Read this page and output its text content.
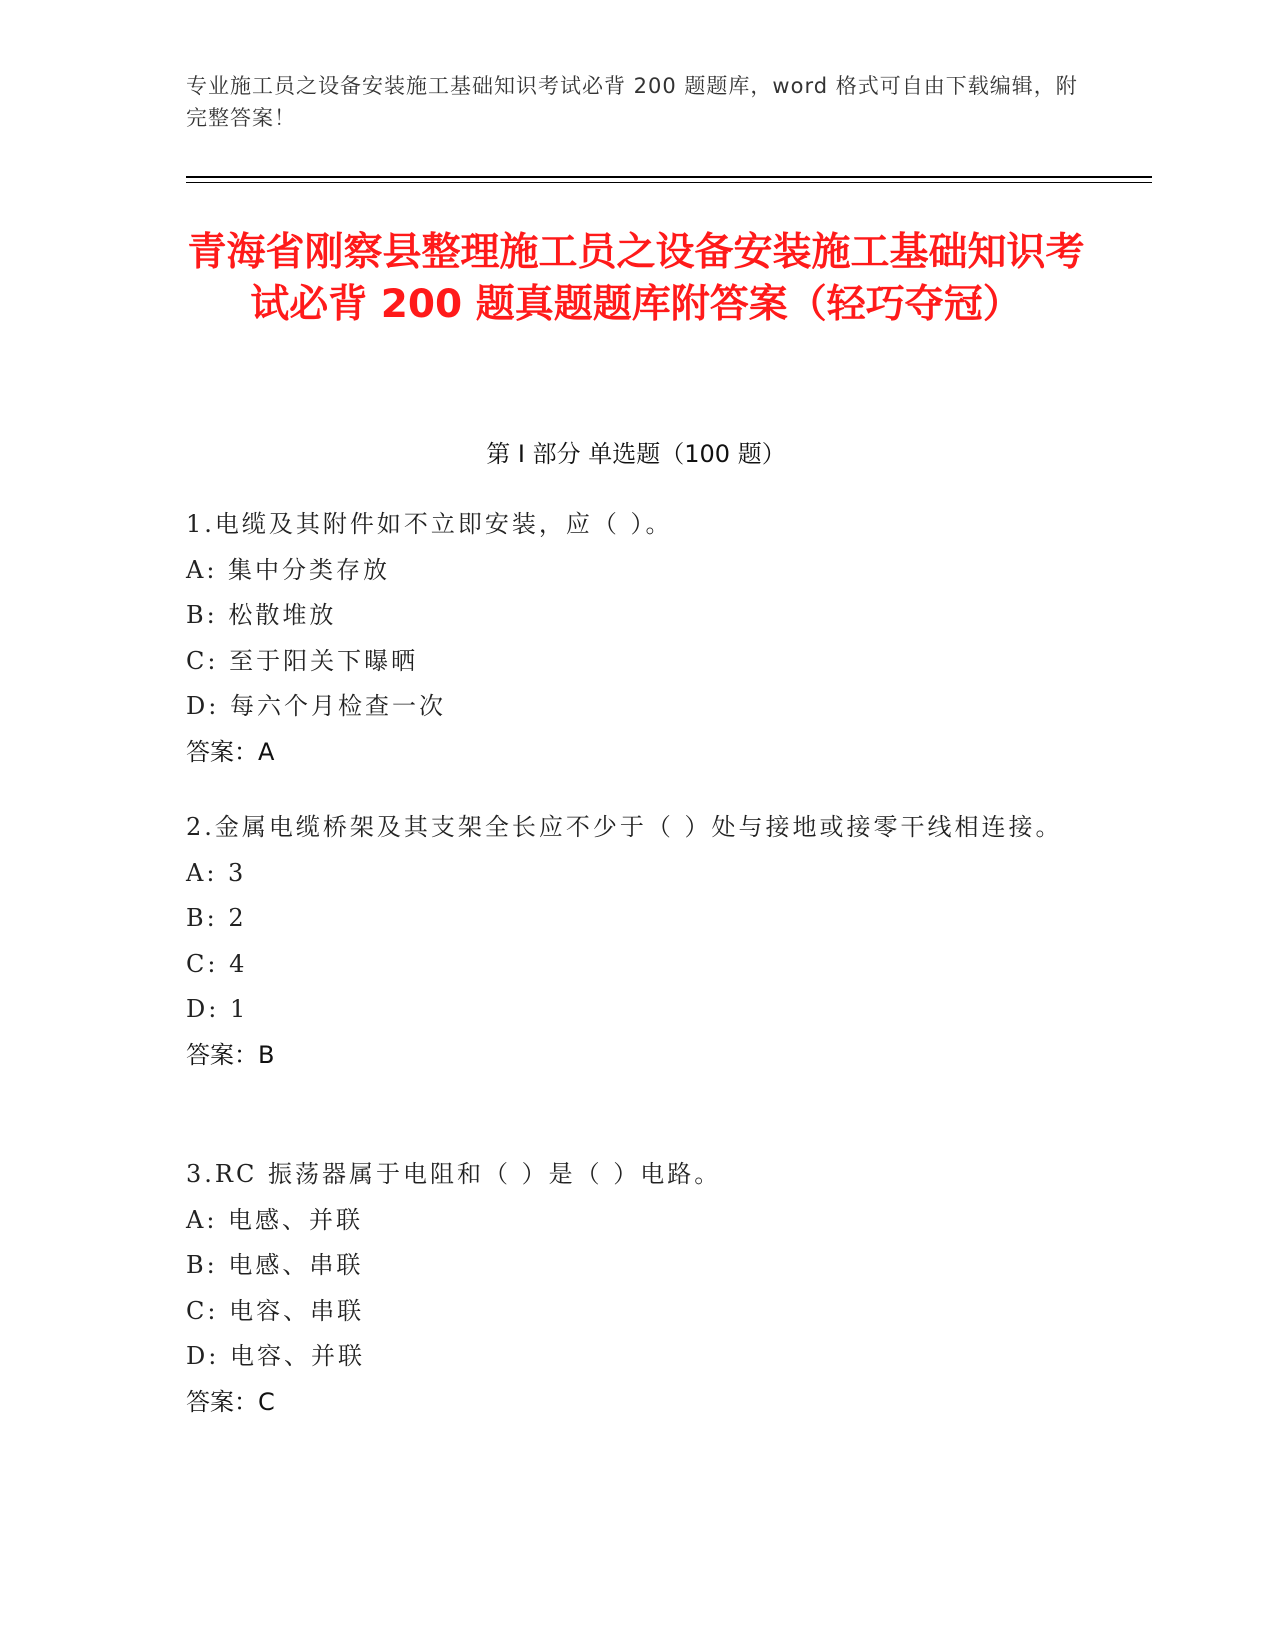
专业施工员之设备安装施工基础知识考试必背 200 题题库，word 格式可自由下载编辑，附完整答案！
青海省刚察县整理施工员之设备安装施工基础知识考试必背 200 题真题题库附答案（轻巧夺冠）
第 I 部分 单选题（100 题）
1.电缆及其附件如不立即安装，应（ ）。
A: 集中分类存放
B: 松散堆放
C: 至于阳关下曝晒
D: 每六个月检查一次
答案：A
2.金属电缆桥架及其支架全长应不少于（ ）处与接地或接零干线相连接。
A: 3
B: 2
C: 4
D: 1
答案：B
3.RC 振荡器属于电阻和（ ）是（ ）电路。
A: 电感、并联
B: 电感、串联
C: 电容、串联
D: 电容、并联
答案：C
